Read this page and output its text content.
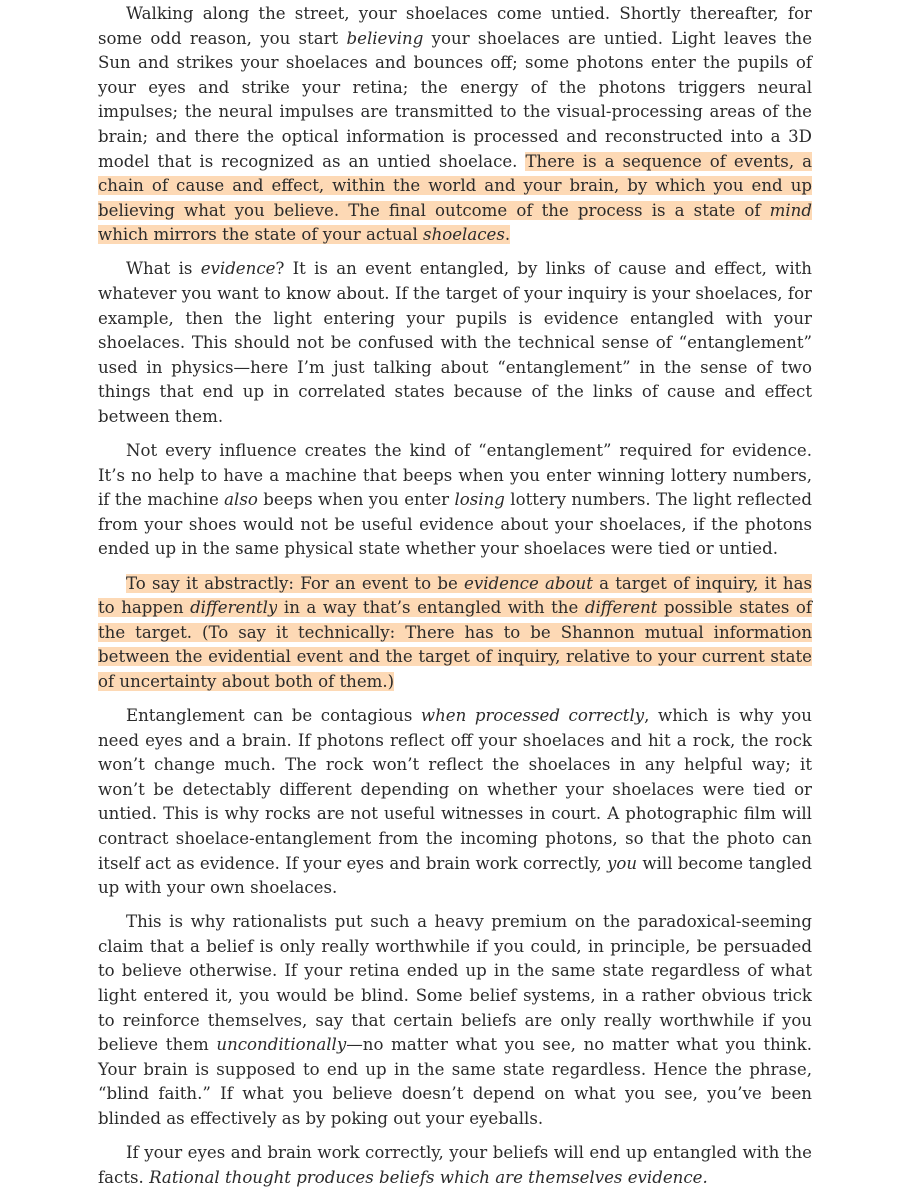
Walking along the street, your shoelaces come untied. Shortly thereafter, for some odd reason, you start believing your shoelaces are untied. Light leaves the Sun and strikes your shoelaces and bounces off; some photons enter the pupils of your eyes and strike your retina; the energy of the photons triggers neural impulses; the neural impulses are transmitted to the visual-processing areas of the brain; and there the optical information is processed and reconstructed into a 3D model that is recognized as an untied shoelace. There is a sequence of events, a chain of cause and effect, within the world and your brain, by which you end up believing what you believe. The final outcome of the process is a state of mind which mirrors the state of your actual shoelaces.

What is evidence? It is an event entangled, by links of cause and effect, with whatever you want to know about. If the target of your inquiry is your shoelaces, for example, then the light entering your pupils is evidence entangled with your shoelaces. This should not be confused with the technical sense of “entanglement” used in physics—here I’m just talking about “entanglement” in the sense of two things that end up in correlated states because of the links of cause and effect between them.

Not every influence creates the kind of “entanglement” required for evidence. It’s no help to have a machine that beeps when you enter winning lottery numbers, if the machine also beeps when you enter losing lottery numbers. The light reflected from your shoes would not be useful evidence about your shoelaces, if the photons ended up in the same physical state whether your shoelaces were tied or untied.

To say it abstractly: For an event to be evidence about a target of inquiry, it has to happen differently in a way that’s entangled with the different possible states of the target. (To say it technically: There has to be Shannon mutual information between the evidential event and the target of inquiry, relative to your current state of uncertainty about both of them.)

Entanglement can be contagious when processed correctly, which is why you need eyes and a brain. If photons reflect off your shoelaces and hit a rock, the rock won’t change much. The rock won’t reflect the shoelaces in any helpful way; it won’t be detectably different depending on whether your shoelaces were tied or untied. This is why rocks are not useful witnesses in court. A photographic film will contract shoelace-entanglement from the incoming photons, so that the photo can itself act as evidence. If your eyes and brain work correctly, you will become tangled up with your own shoelaces.

This is why rationalists put such a heavy premium on the paradoxical-seeming claim that a belief is only really worthwhile if you could, in principle, be persuaded to believe otherwise. If your retina ended up in the same state regardless of what light entered it, you would be blind. Some belief systems, in a rather obvious trick to reinforce themselves, say that certain beliefs are only really worthwhile if you believe them unconditionally—no matter what you see, no matter what you think. Your brain is supposed to end up in the same state regardless. Hence the phrase, “blind faith.” If what you believe doesn’t depend on what you see, you’ve been blinded as effectively as by poking out your eyeballs.

If your eyes and brain work correctly, your beliefs will end up entangled with the facts. Rational thought produces beliefs which are themselves evidence.
